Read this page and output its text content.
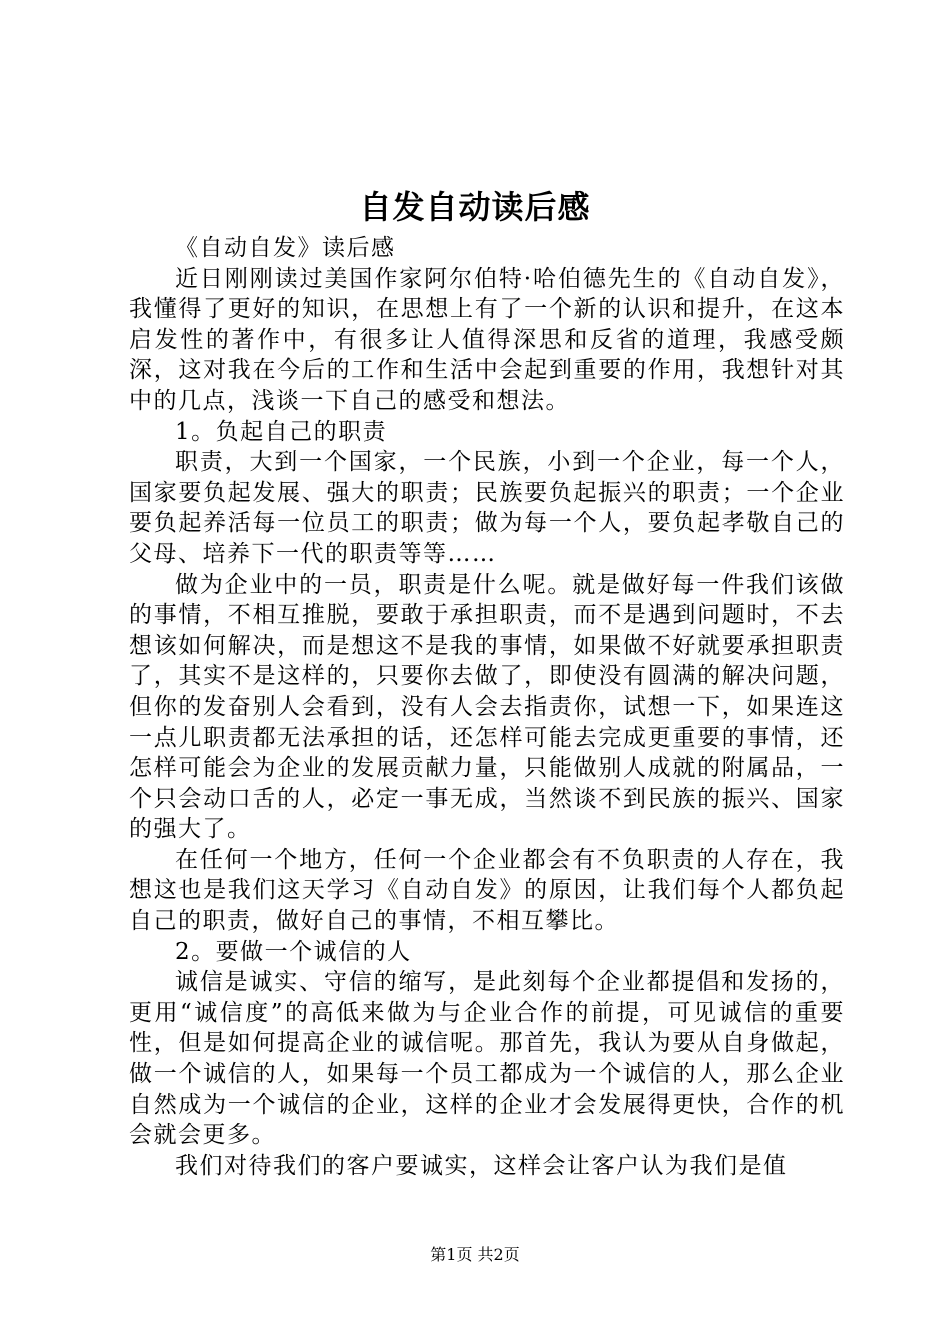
自发自动读后感

《自动自发》读后感

近日刚刚读过美国作家阿尔伯特·哈伯德先生的《自动自发》，我懂得了更好的知识，在思想上有了一个新的认识和提升，在这本启发性的著作中，有很多让人值得深思和反省的道理，我感受颇深，这对我在今后的工作和生活中会起到重要的作用，我想针对其中的几点，浅谈一下自己的感受和想法。

1。负起自己的职责

职责，大到一个国家，一个民族，小到一个企业，每一个人，国家要负起发展、强大的职责；民族要负起振兴的职责；一个企业要负起养活每一位员工的职责；做为每一个人，要负起孝敬自己的父母、培养下一代的职责等等……

做为企业中的一员，职责是什么呢。就是做好每一件我们该做的事情，不相互推脱，要敢于承担职责，而不是遇到问题时，不去想该如何解决，而是想这不是我的事情，如果做不好就要承担职责了，其实不是这样的，只要你去做了，即使没有圆满的解决问题，但你的发奋别人会看到，没有人会去指责你，试想一下，如果连这一点儿职责都无法承担的话，还怎样可能去完成更重要的事情，还怎样可能会为企业的发展贡献力量，只能做别人成就的附属品，一个只会动口舌的人，必定一事无成，当然谈不到民族的振兴、国家的强大了。

在任何一个地方，任何一个企业都会有不负职责的人存在，我想这也是我们这天学习《自动自发》的原因，让我们每个人都负起自己的职责，做好自己的事情，不相互攀比。

2。要做一个诚信的人

诚信是诚实、守信的缩写，是此刻每个企业都提倡和发扬的，更用“诚信度”的高低来做为与企业合作的前提，可见诚信的重要性，但是如何提高企业的诚信呢。那首先，我认为要从自身做起，做一个诚信的人，如果每一个员工都成为一个诚信的人，那么企业自然成为一个诚信的企业，这样的企业才会发展得更快，合作的机会就会更多。

我们对待我们的客户要诚实，这样会让客户认为我们是值

第1页 共2页
